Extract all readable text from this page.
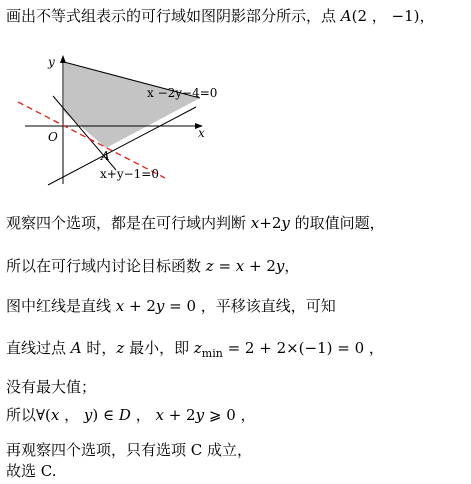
画出不等式组表示的可行域如图阴影部分所示，点 A(2 ， −1)，
y
x
O
A
x −2y−4=0
x+y−1=0
观察四个选项，都是在可行域内判断 x+2y 的取值问题，
所以在可行域内讨论目标函数 z = x + 2y，
图中红线是直线 x + 2y = 0 ，平移该直线，可知
直线过点 A 时，z 最小，即 $z_{min} = 2 + 2\times(-1) = 0$ ，
没有最大值；
所以∀(x ， y) ∈ D ， x + 2y ⩾ 0 ，
再观察四个选项，只有选项 C 成立，
故选 C.
